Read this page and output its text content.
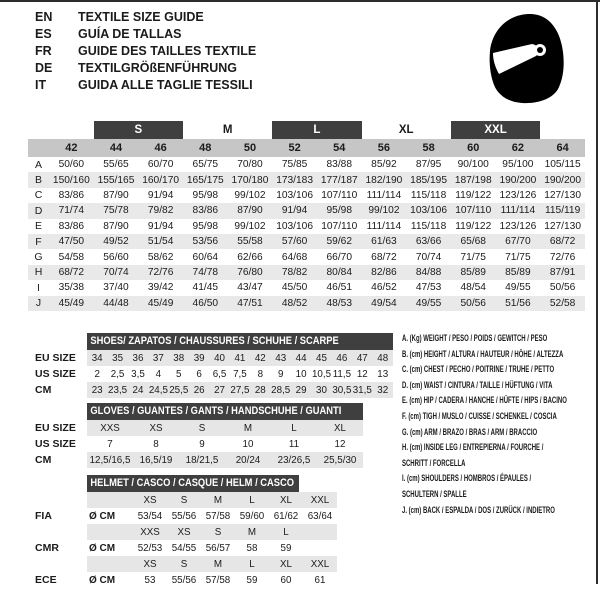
EN TEXTILE SIZE GUIDE
ES GUÍA DE TALLAS
FR GUIDE DES TAILLES TEXTILE
DE TEXTILGRÖßENFÜHRUNG
IT	GUIDA ALLE TAGLIE TESSILI
		S		M		L		XL		XXL		
	42	44	46	48	50	52	54	56	58	60	62	64
A	50/60	55/65	60/70	65/75	70/80	75/85	83/88	85/92	87/95	90/100	95/100	105/115
B	150/160	155/165	160/170	165/175	170/180	173/183	177/187	182/190	185/195	187/198	190/200	190/200
C	83/86	87/90	91/94	95/98	99/102	103/106	107/110	111/114	115/118	119/122	123/126	127/130
D	71/74	75/78	79/82	83/86	87/90	91/94	95/98	99/102	103/106	107/110	111/114	115/119
E	83/86	87/90	91/94	95/98	99/102	103/106	107/110	111/114	115/118	119/122	123/126	127/130
F	47/50	49/52	51/54	53/56	55/58	57/60	59/62	61/63	63/66	65/68	67/70	68/72
G	54/58	56/60	58/62	60/64	62/66	64/68	66/70	68/72	70/74	71/75	71/75	72/76
H	68/72	70/74	72/76	74/78	76/80	78/82	80/84	82/86	84/88	85/89	85/89	87/91
I	35/38	37/40	39/42	41/45	43/47	45/50	46/51	46/52	47/53	48/54	49/55	50/56
J	45/49	44/48	45/49	46/50	47/51	48/52	48/53	49/54	49/55	50/56	51/56	52/58
SHOES/ ZAPATOS / CHAUSSURES / SCHUHE / SCARPE
EU SIZE	34	35	36	37	38	39	40	41	42	43	44	45	46	47	48
US SIZE	2	2,5	3,5	4	5	6	6,5	7,5	8	9	10	10,5	11,5	12	13
CM	23	23,5	24	24,5	25,5	26	27	27,5	28	28,5	29	30	30,5	31,5	32
GLOVES / GUANTES / GANTS / HANDSCHUHE / GUANTI
EU SIZE	XXS	XS	S	M	L	XL
US SIZE	7	8	9	10	11	12
CM	12,5/16,5	16,5/19	18/21,5	20/24	23/26,5	25,5/30
HELMET / CASCO / CASQUE / HELM / CASCO
		XS	S	M	L	XL	XXL
FIA	Ø CM	53/54	55/56	57/58	59/60	61/62	63/64
		XXS	XS	S	M	L	
CMR	Ø CM	52/53	54/55	56/57	58	59	
		XS	S	M	L	XL	XXL
ECE	Ø CM	53	55/56	57/58	59	60	61
A. (Kg) WEIGHT / PESO / POIDS / GEWITCH / PESO
B. (cm) HEIGHT / ALTURA / HAUTEUR / HÖHE / ALTEZZA
C. (cm) CHEST / PECHO / POITRINE / TRUHE / PETTO
D. (cm) WAIST / CINTURA / TAILLE / HÜFTUNG / VITA
E. (cm) HIP / CADERA / HANCHE / HÜFTE / HIPS / BACINO
F. (cm) TIGH / MUSLO / CUISSE / SCHENKEL / COSCIA
G. (cm) ARM / BRAZO / BRAS / ARM / BRACCIO
H. (cm) INSIDE LEG / ENTREPIERNA / FOURCHE /
SCHRITT / FORCELLA
I. (cm) SHOULDERS / HOMBROS / ÉPAULES /
SCHULTERN / SPALLE
J. (cm) BACK / ESPALDA / DOS / ZURÜCK / INDIETRO
